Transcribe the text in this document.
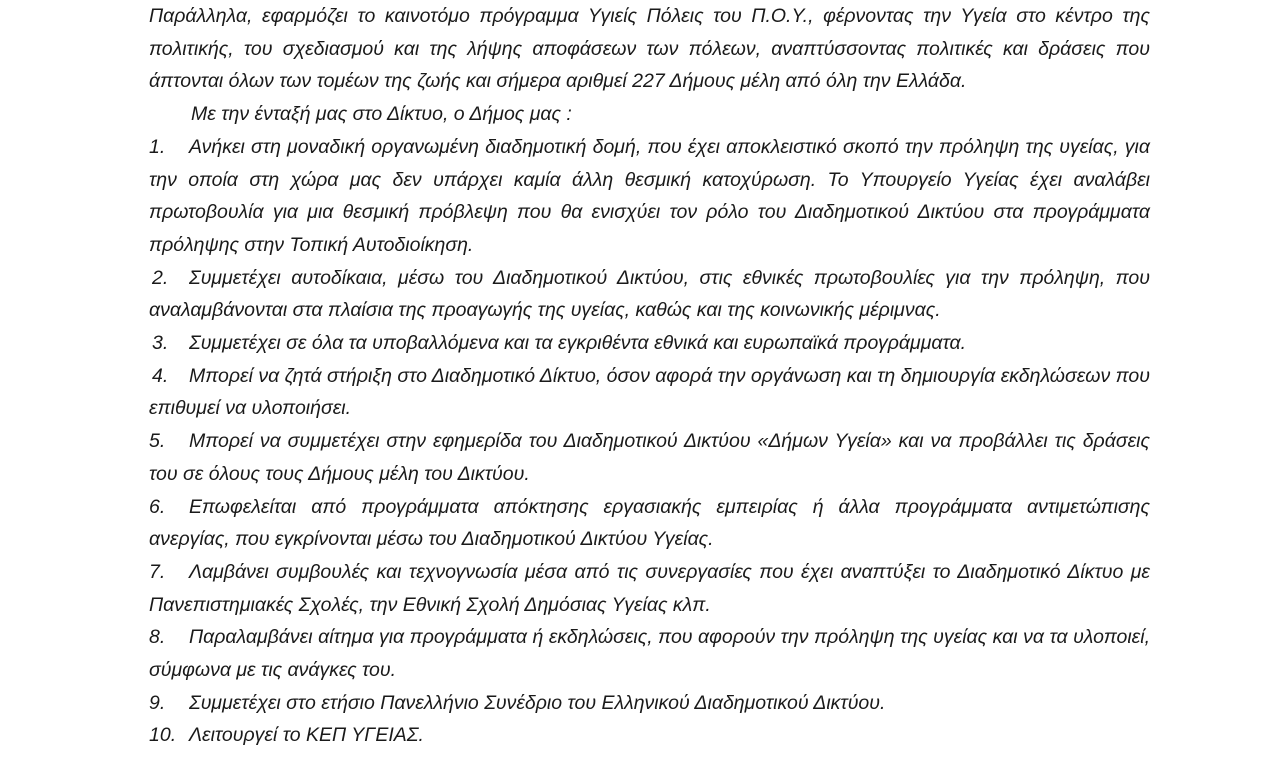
Παράλληλα, εφαρμόζει το καινοτόμο πρόγραμμα Υγιείς Πόλεις του Π.Ο.Υ., φέρνοντας την Υγεία στο κέντρο της πολιτικής, του σχεδιασμού και της λήψης αποφάσεων των πόλεων, αναπτύσσοντας πολιτικές και δράσεις που άπτονται όλων των τομέων της ζωής και σήμερα αριθμεί 227 Δήμους μέλη από όλη την Ελλάδα.

Με την ένταξή μας στο Δίκτυο, ο Δήμος μας :

1. Ανήκει στη μοναδική οργανωμένη διαδημοτική δομή, που έχει αποκλειστικό σκοπό την πρόληψη της υγείας, για την οποία στη χώρα μας δεν υπάρχει καμία άλλη θεσμική κατοχύρωση. Το Υπουργείο Υγείας έχει αναλάβει πρωτοβουλία για μια θεσμική πρόβλεψη που θα ενισχύει τον ρόλο του Διαδημοτικού Δικτύου στα προγράμματα πρόληψης στην Τοπική Αυτοδιοίκηση.

2. Συμμετέχει αυτοδίκαια, μέσω του Διαδημοτικού Δικτύου, στις εθνικές πρωτοβουλίες για την πρόληψη, που αναλαμβάνονται στα πλαίσια της προαγωγής της υγείας, καθώς και της κοινωνικής μέριμνας.

3. Συμμετέχει σε όλα τα υποβαλλόμενα και τα εγκριθέντα εθνικά και ευρωπαϊκά προγράμματα.

4. Μπορεί να ζητά στήριξη στο Διαδημοτικό Δίκτυο, όσον αφορά την οργάνωση και τη δημιουργία εκδηλώσεων που επιθυμεί να υλοποιήσει.

5. Μπορεί να συμμετέχει στην εφημερίδα του Διαδημοτικού Δικτύου «Δήμων Υγεία» και να προβάλλει τις δράσεις του σε όλους τους Δήμους μέλη του Δικτύου.

6. Επωφελείται από προγράμματα απόκτησης εργασιακής εμπειρίας ή άλλα προγράμματα αντιμετώπισης ανεργίας, που εγκρίνονται μέσω του Διαδημοτικού Δικτύου Υγείας.

7. Λαμβάνει συμβουλές και τεχνογνωσία μέσα από τις συνεργασίες που έχει αναπτύξει το Διαδημοτικό Δίκτυο με Πανεπιστημιακές Σχολές, την Εθνική Σχολή Δημόσιας Υγείας κλπ.

8. Παραλαμβάνει αίτημα για προγράμματα ή εκδηλώσεις, που αφορούν την πρόληψη της υγείας και να τα υλοποιεί, σύμφωνα με τις ανάγκες του.

9. Συμμετέχει στο ετήσιο Πανελλήνιο Συνέδριο του Ελληνικού Διαδημοτικού Δικτύου.

10. Λειτουργεί το ΚΕΠ ΥΓΕΙΑΣ.
